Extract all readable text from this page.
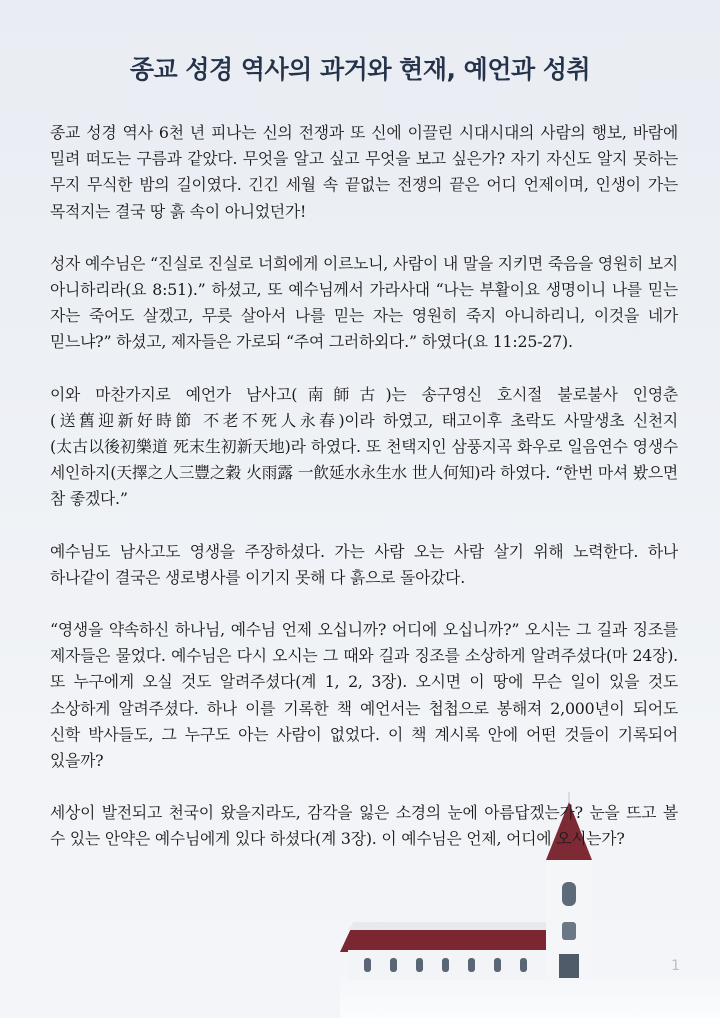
종교 성경 역사의 과거와 현재, 예언과 성취

종교 성경 역사 6천 년 피나는 신의 전쟁과 또 신에 이끌린 시대시대의 사람의 행보, 바람에 밀려 떠도는 구름과 같았다. 무엇을 알고 싶고 무엇을 보고 싶은가? 자기 자신도 알지 못하는 무지 무식한 밤의 길이였다. 긴긴 세월 속 끝없는 전쟁의 끝은 어디 언제이며, 인생이 가는 목적지는 결국 땅 흙 속이 아니었던가!

성자 예수님은 “진실로 진실로 너희에게 이르노니, 사람이 내 말을 지키면 죽음을 영원히 보지 아니하리라(요 8:51).” 하셨고, 또 예수님께서 가라사대 “나는 부활이요 생명이니 나를 믿는 자는 죽어도 살겠고, 무릇 살아서 나를 믿는 자는 영원히 죽지 아니하리니, 이것을 네가 믿느냐?” 하셨고, 제자들은 가로되 “주여 그러하외다.” 하였다(요 11:25-27).

이와 마찬가지로 예언가 남사고(南師古)는 송구영신 호시절 불로불사 인영춘(送舊迎新好時節 不老不死人永春)이라 하였고, 태고이후 초락도 사말생초 신천지(太古以後初樂道 死末生初新天地)라 하였다. 또 천택지인 삼풍지곡 화우로 일음연수 영생수 세인하지(天擇之人三豐之穀 火雨露 一飮延水永生水 世人何知)라 하였다. “한번 마셔 봤으면 참 좋겠다.”

예수님도 남사고도 영생을 주장하셨다. 가는 사람 오는 사람 살기 위해 노력한다. 하나 하나같이 결국은 생로병사를 이기지 못해 다 흙으로 돌아갔다.

“영생을 약속하신 하나님, 예수님 언제 오십니까? 어디에 오십니까?” 오시는 그 길과 징조를 제자들은 물었다. 예수님은 다시 오시는 그 때와 길과 징조를 소상하게 알려주셨다(마 24장). 또 누구에게 오실 것도 알려주셨다(계 1, 2, 3장). 오시면 이 땅에 무슨 일이 있을 것도 소상하게 알려주셨다. 하나 이를 기록한 책 예언서는 첩첩으로 봉해져 2,000년이 되어도 신학 박사들도, 그 누구도 아는 사람이 없었다. 이 책 계시록 안에 어떤 것들이 기록되어 있을까?

세상이 발전되고 천국이 왔을지라도, 감각을 잃은 소경의 눈에 아름답겠는가? 눈을 뜨고 볼 수 있는 안약은 예수님에게 있다 하셨다(계 3장). 이 예수님은 언제, 어디에 오시는가?

1
